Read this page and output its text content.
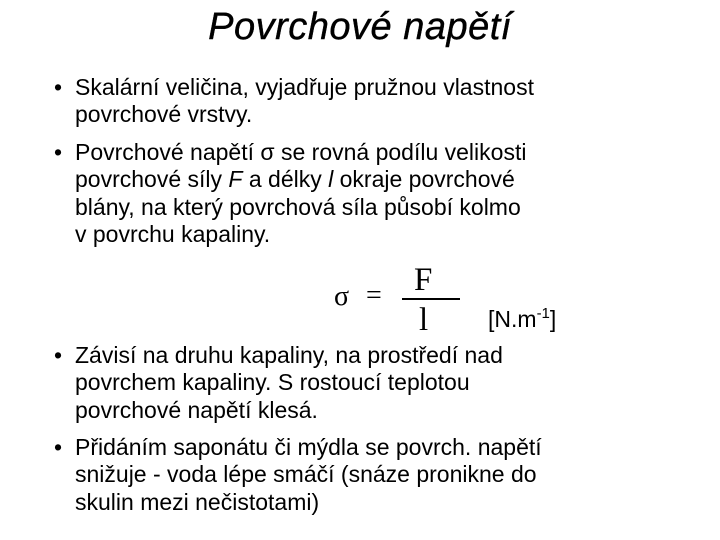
Povrchové napětí
• Skalární veličina, vyjadřuje pružnou vlastnost
povrchové vrstvy.
• Povrchové napětí σ se rovná podílu velikosti
povrchové síly F a délky l okraje povrchové
blány, na který povrchová síla působí kolmo
v povrchu kapaliny.
• Závisí na druhu kapaliny, na prostředí nad
povrchem kapaliny. S rostoucí teplotou
povrchové napětí klesá.
• Přidáním saponátu či mýdla se povrch. napětí
snižuje - voda lépe smáčí (snáze pronikne do
skulin mezi nečistotami)
σ = F
l	$[N.m^{-1}]$
